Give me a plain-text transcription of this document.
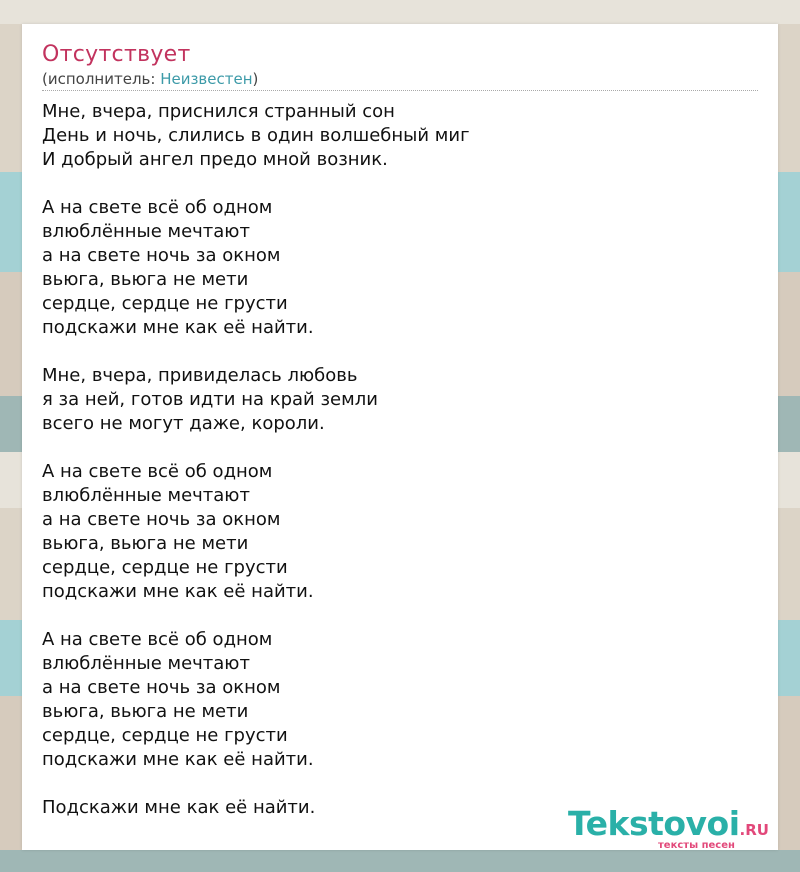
Отсутствует
(исполнитель: Неизвестен)
Мне, вчера, приснился странный сон
День и ночь, слились в один волшебный миг
И добрый ангел предо мной возник.
А на свете всё об одном
влюблённые мечтают
а на свете ночь за окном
вьюга, вьюга не мети
сердце, сердце не грусти
подскажи мне как её найти.
Мне, вчера, привиделась любовь
я за ней, готов идти на край земли
всего не могут даже, короли.
А на свете всё об одном
влюблённые мечтают
а на свете ночь за окном
вьюга, вьюга не мети
сердце, сердце не грусти
подскажи мне как её найти.
А на свете всё об одном
влюблённые мечтают
а на свете ночь за окном
вьюга, вьюга не мети
сердце, сердце не грусти
подскажи мне как её найти.
Подскажи мне как её найти.	Tekstovoi.RU
тексты песен
